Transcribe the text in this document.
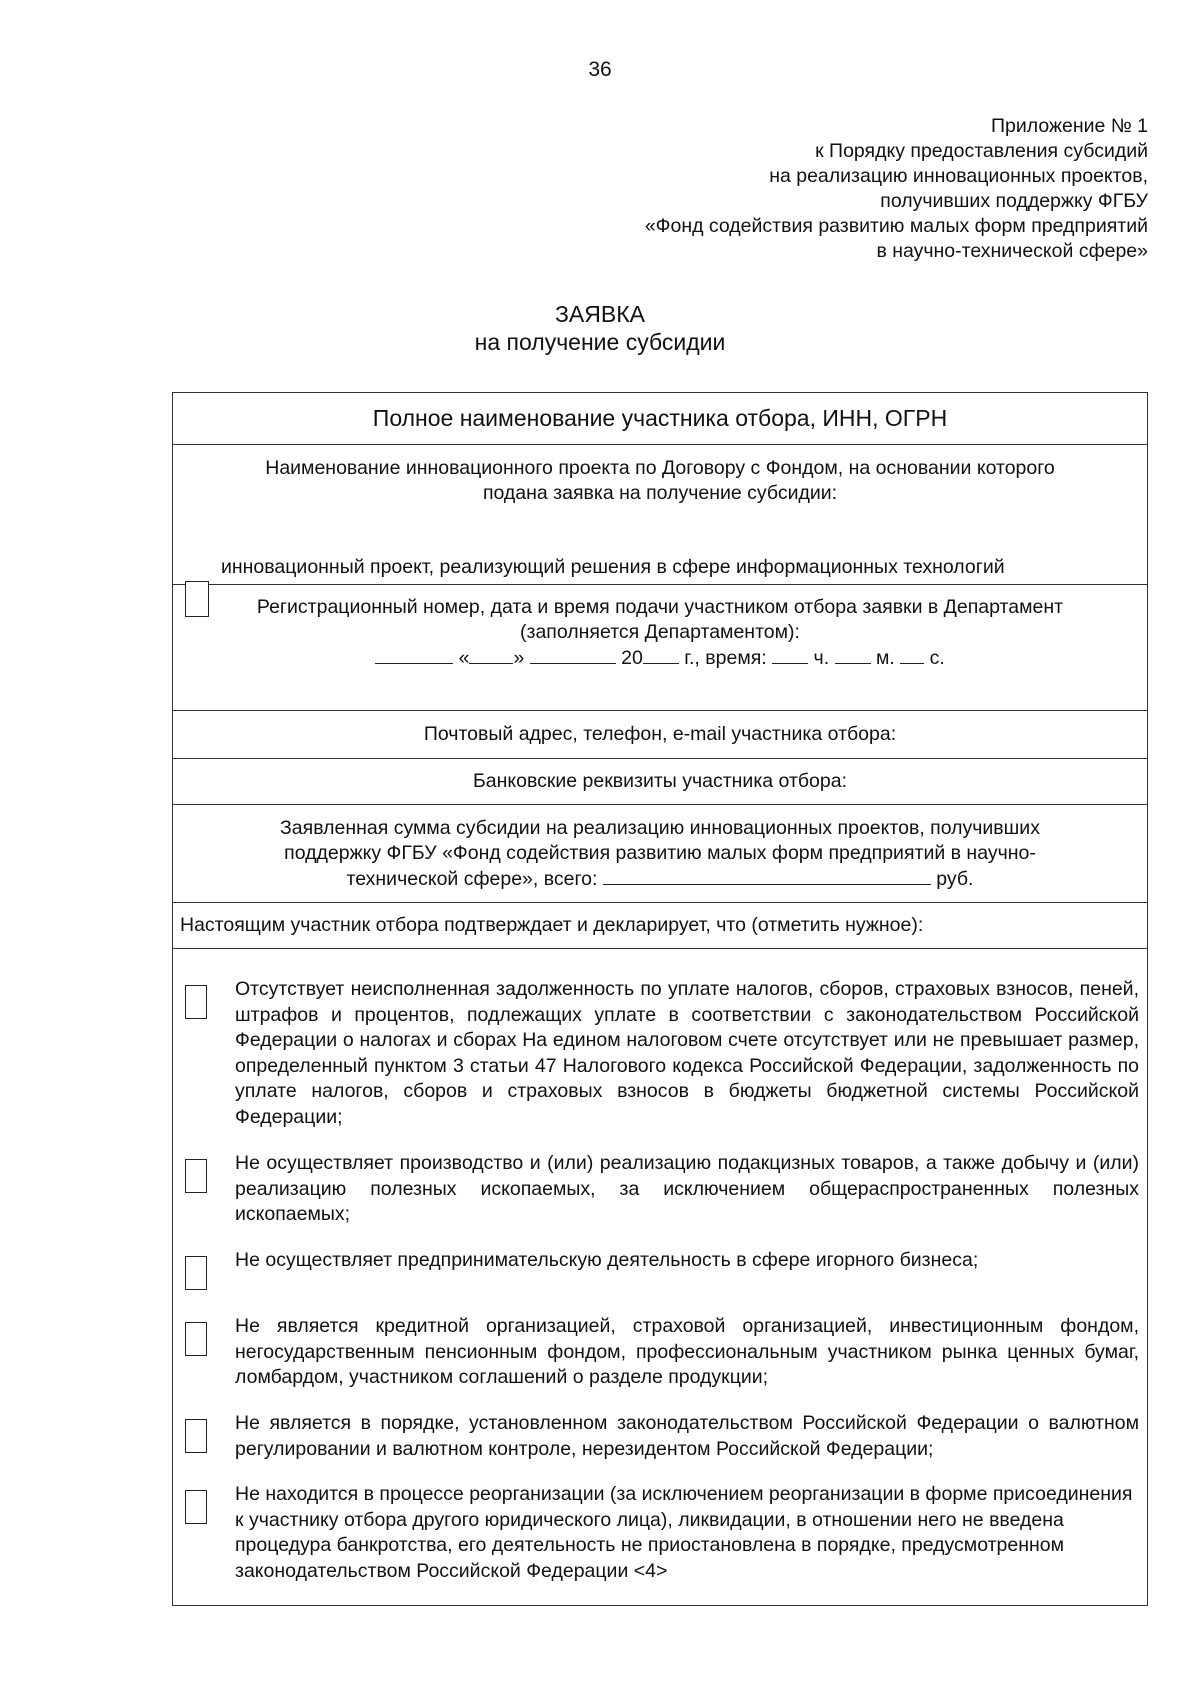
36
Приложение № 1
к Порядку предоставления субсидий
на реализацию инновационных проектов,
получивших поддержку ФГБУ
«Фонд содействия развитию малых форм предприятий
в научно-технической сфере»
ЗАЯВКА
на получение субсидии
Полное наименование участника отбора, ИНН, ОГРН
Наименование инновационного проекта по Договору с Фондом, на основании которого
подана заявка на получение субсидии:
инновационный проект, реализующий решения в сфере информационных технологий
Регистрационный номер, дата и время подачи участником отбора заявки в Департамент
(заполняется Департаментом):
« »	20 г., время: ч. м. с.
Почтовый адрес, телефон, e-mail участника отбора:
Банковские реквизиты участника отбора:
Заявленная сумма субсидии на реализацию инновационных проектов, получивших
поддержку ФГБУ «Фонд содействия развитию малых форм предприятий в научно-
технической сфере», всего:	руб.
Настоящим участник отбора подтверждает и декларирует, что (отметить нужное):
Отсутствует неисполненная задолженность по уплате налогов, сборов, страховых взносов, пеней, штрафов и процентов, подлежащих уплате в соответствии с законодательством Российской Федерации о налогах и сборах На едином налоговом счете отсутствует или не превышает размер, определенный пунктом 3 статьи 47 Налогового кодекса Российской Федерации, задолженность по уплате налогов, сборов и страховых взносов в бюджеты бюджетной системы Российской Федерации;
Не осуществляет производство и (или) реализацию подакцизных товаров, а также добычу и (или) реализацию полезных ископаемых, за исключением общераспространенных полезных ископаемых;
Не осуществляет предпринимательскую деятельность в сфере игорного бизнеса;
Не является кредитной организацией, страховой организацией, инвестиционным фондом, негосударственным пенсионным фондом, профессиональным участником рынка ценных бумаг, ломбардом, участником соглашений о разделе продукции;
Не является в порядке, установленном законодательством Российской Федерации о валютном регулировании и валютном контроле, нерезидентом Российской Федерации;
Не находится в процессе реорганизации (за исключением реорганизации в форме присоединения к участнику отбора другого юридического лица), ликвидации, в отношении него не введена процедура банкротства, его деятельность не приостановлена в порядке, предусмотренном законодательством Российской Федерации <4>
